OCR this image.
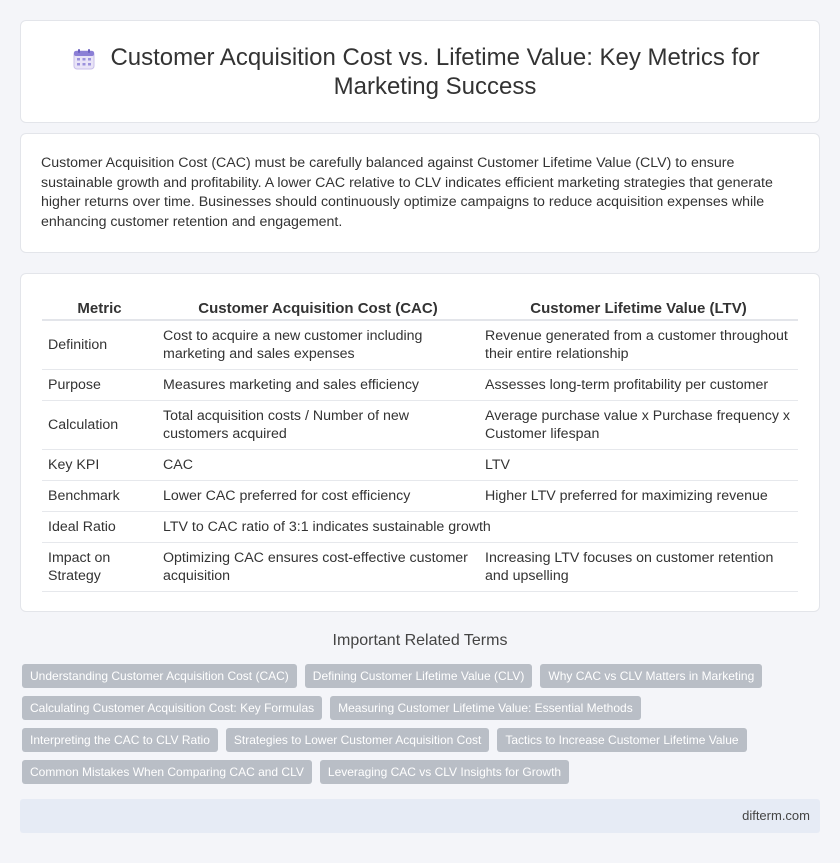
Customer Acquisition Cost vs. Lifetime Value: Key Metrics for Marketing Success

Customer Acquisition Cost (CAC) must be carefully balanced against Customer Lifetime Value (CLV) to ensure sustainable growth and profitability. A lower CAC relative to CLV indicates efficient marketing strategies that generate higher returns over time. Businesses should continuously optimize campaigns to reduce acquisition expenses while enhancing customer retention and engagement.

Metric	Customer Acquisition Cost (CAC)	Customer Lifetime Value (LTV)
Definition	Cost to acquire a new customer including marketing and sales expenses	Revenue generated from a customer throughout their entire relationship
Purpose	Measures marketing and sales efficiency	Assesses long-term profitability per customer
Calculation	Total acquisition costs / Number of new customers acquired	Average purchase value x Purchase frequency x Customer lifespan
Key KPI	CAC	LTV
Benchmark	Lower CAC preferred for cost efficiency	Higher LTV preferred for maximizing revenue
Ideal Ratio	LTV to CAC ratio of 3:1 indicates sustainable growth	
Impact on Strategy	Optimizing CAC ensures cost-effective customer acquisition	Increasing LTV focuses on customer retention and upselling
Important Related Terms
Understanding Customer Acquisition Cost (CAC)	Defining Customer Lifetime Value (CLV)	Why CAC vs CLV Matters in Marketing
Calculating Customer Acquisition Cost: Key Formulas	Measuring Customer Lifetime Value: Essential Methods
Interpreting the CAC to CLV Ratio	Strategies to Lower Customer Acquisition Cost	Tactics to Increase Customer Lifetime Value
Common Mistakes When Comparing CAC and CLV	Leveraging CAC vs CLV Insights for Growth
difterm.com
